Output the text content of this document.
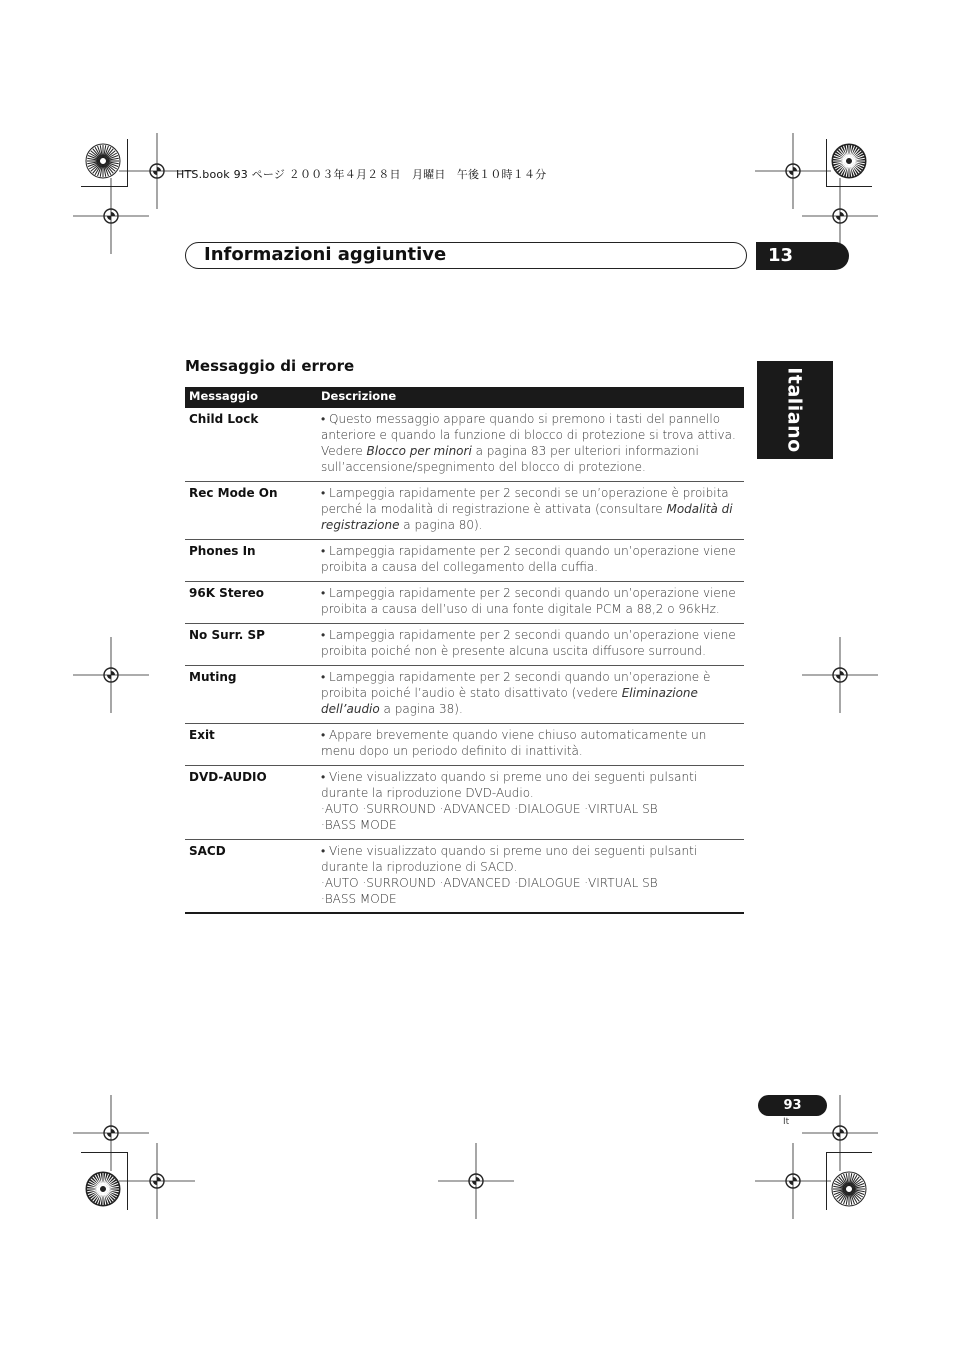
HTS.book 93 ページ ２００３年４月２８日　月曜日　午後１０時１４分
Informazioni aggiuntive	13
Italiano
Messaggio di errore
Messaggio	Descrizione
Child Lock	• Questo messaggio appare quando si premono i tasti del pannello anteriore e quando la funzione di blocco di protezione si trova attiva. Vedere Blocco per minori a pagina 83 per ulteriori informazioni sull’accensione/spegnimento del blocco di protezione.

Rec Mode On	• Lampeggia rapidamente per 2 secondi se un’operazione è proibita perché la modalità di registrazione è attivata (consultare Modalità di registrazione a pagina 80).

Phones In	• Lampeggia rapidamente per 2 secondi quando un’operazione viene proibita a causa del collegamento della cuffia.

96K Stereo	• Lampeggia rapidamente per 2 secondi quando un’operazione viene proibita a causa dell’uso di una fonte digitale PCM a 88,2 o 96kHz.

No Surr. SP	• Lampeggia rapidamente per 2 secondi quando un’operazione viene proibita poiché non è presente alcuna uscita diffusore surround.

Muting	• Lampeggia rapidamente per 2 secondi quando un’operazione è proibita poiché l’audio è stato disattivato (vedere Eliminazione dell’audio a pagina 38).

Exit	• Appare brevemente quando viene chiuso automaticamente un menu dopo un periodo definito di inattività.

DVD-AUDIO	• Viene visualizzato quando si preme uno dei seguenti pulsanti durante la riproduzione DVD-Audio.

·AUTO ·SURROUND ·ADVANCED ·DIALOGUE ·VIRTUAL SB

·BASS MODE

SACD	• Viene visualizzato quando si preme uno dei seguenti pulsanti durante la riproduzione di SACD.

·AUTO ·SURROUND ·ADVANCED ·DIALOGUE ·VIRTUAL SB

·BASS MODE

93
It
